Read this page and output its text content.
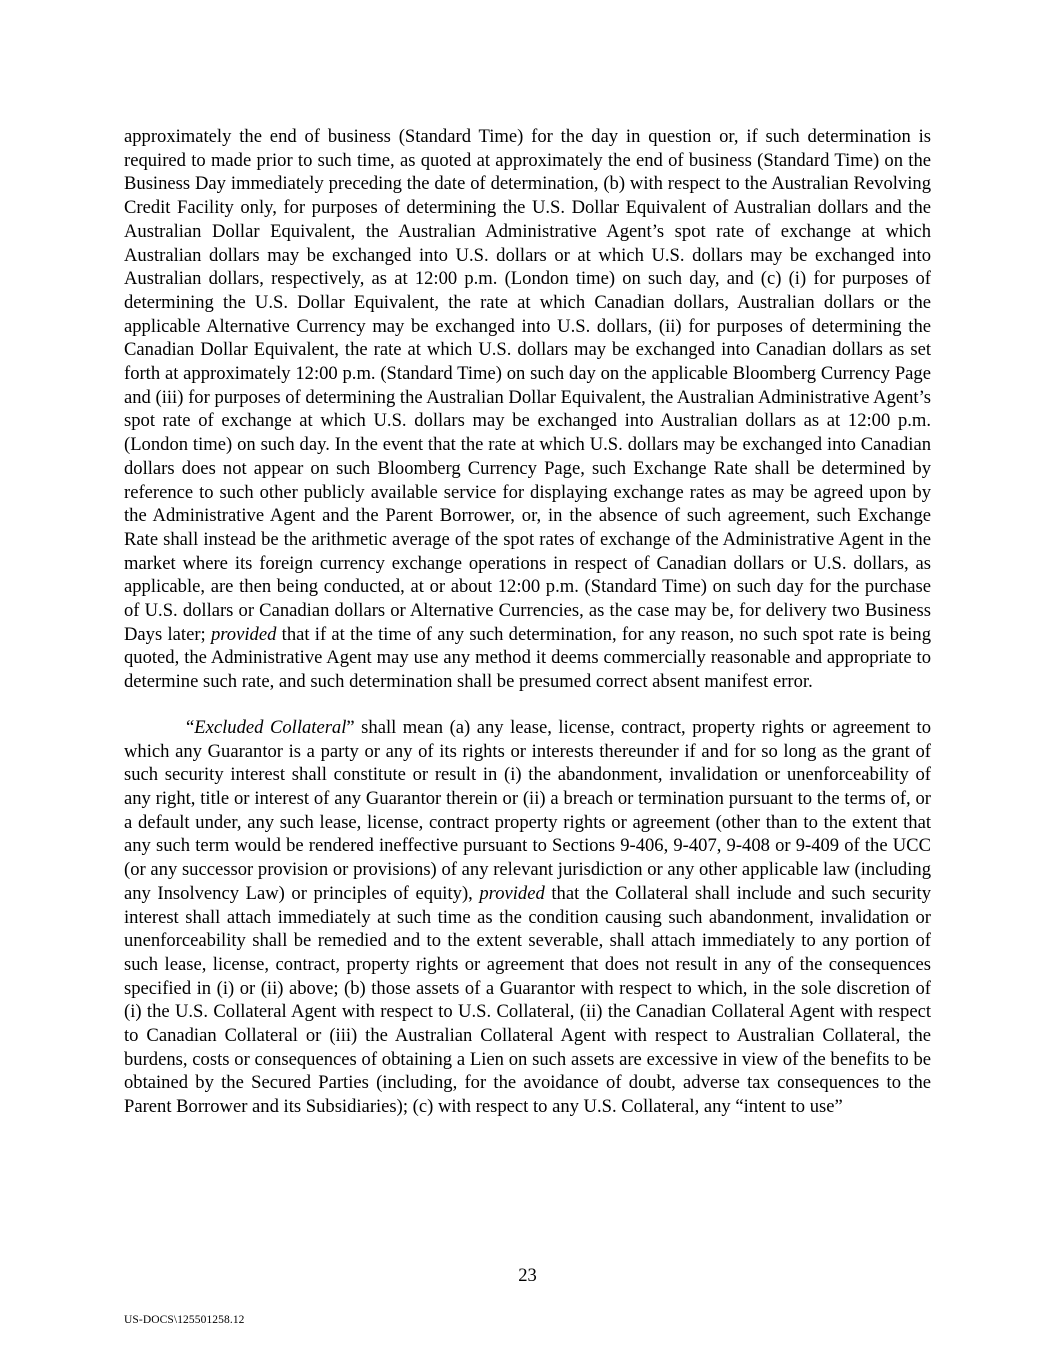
approximately the end of business (Standard Time) for the day in question or, if such determination is required to made prior to such time, as quoted at approximately the end of business (Standard Time) on the Business Day immediately preceding the date of determination, (b) with respect to the Australian Revolving Credit Facility only, for purposes of determining the U.S. Dollar Equivalent of Australian dollars and the Australian Dollar Equivalent, the Australian Administrative Agent’s spot rate of exchange at which Australian dollars may be exchanged into U.S. dollars or at which U.S. dollars may be exchanged into Australian dollars, respectively, as at 12:00 p.m. (London time) on such day, and (c) (i) for purposes of determining the U.S. Dollar Equivalent, the rate at which Canadian dollars, Australian dollars or the applicable Alternative Currency may be exchanged into U.S. dollars, (ii) for purposes of determining the Canadian Dollar Equivalent, the rate at which U.S. dollars may be exchanged into Canadian dollars as set forth at approximately 12:00 p.m. (Standard Time) on such day on the applicable Bloomberg Currency Page and (iii) for purposes of determining the Australian Dollar Equivalent, the Australian Administrative Agent’s spot rate of exchange at which U.S. dollars may be exchanged into Australian dollars as at 12:00 p.m. (London time) on such day. In the event that the rate at which U.S. dollars may be exchanged into Canadian dollars does not appear on such Bloomberg Currency Page, such Exchange Rate shall be determined by reference to such other publicly available service for displaying exchange rates as may be agreed upon by the Administrative Agent and the Parent Borrower, or, in the absence of such agreement, such Exchange Rate shall instead be the arithmetic average of the spot rates of exchange of the Administrative Agent in the market where its foreign currency exchange operations in respect of Canadian dollars or U.S. dollars, as applicable, are then being conducted, at or about 12:00 p.m. (Standard Time) on such day for the purchase of U.S. dollars or Canadian dollars or Alternative Currencies, as the case may be, for delivery two Business Days later; provided that if at the time of any such determination, for any reason, no such spot rate is being quoted, the Administrative Agent may use any method it deems commercially reasonable and appropriate to determine such rate, and such determination shall be presumed correct absent manifest error.

“Excluded Collateral” shall mean (a) any lease, license, contract, property rights or agreement to which any Guarantor is a party or any of its rights or interests thereunder if and for so long as the grant of such security interest shall constitute or result in (i) the abandonment, invalidation or unenforceability of any right, title or interest of any Guarantor therein or (ii) a breach or termination pursuant to the terms of, or a default under, any such lease, license, contract property rights or agreement (other than to the extent that any such term would be rendered ineffective pursuant to Sections 9-406, 9-407, 9-408 or 9-409 of the UCC (or any successor provision or provisions) of any relevant jurisdiction or any other applicable law (including any Insolvency Law) or principles of equity), provided that the Collateral shall include and such security interest shall attach immediately at such time as the condition causing such abandonment, invalidation or unenforceability shall be remedied and to the extent severable, shall attach immediately to any portion of such lease, license, contract, property rights or agreement that does not result in any of the consequences specified in (i) or (ii) above; (b) those assets of a Guarantor with respect to which, in the sole discretion of (i) the U.S. Collateral Agent with respect to U.S. Collateral, (ii) the Canadian Collateral Agent with respect to Canadian Collateral or (iii) the Australian Collateral Agent with respect to Australian Collateral, the burdens, costs or consequences of obtaining a Lien on such assets are excessive in view of the benefits to be obtained by the Secured Parties (including, for the avoidance of doubt, adverse tax consequences to the Parent Borrower and its Subsidiaries); (c) with respect to any U.S. Collateral, any “intent to use”

23
US-DOCS\125501258.12
